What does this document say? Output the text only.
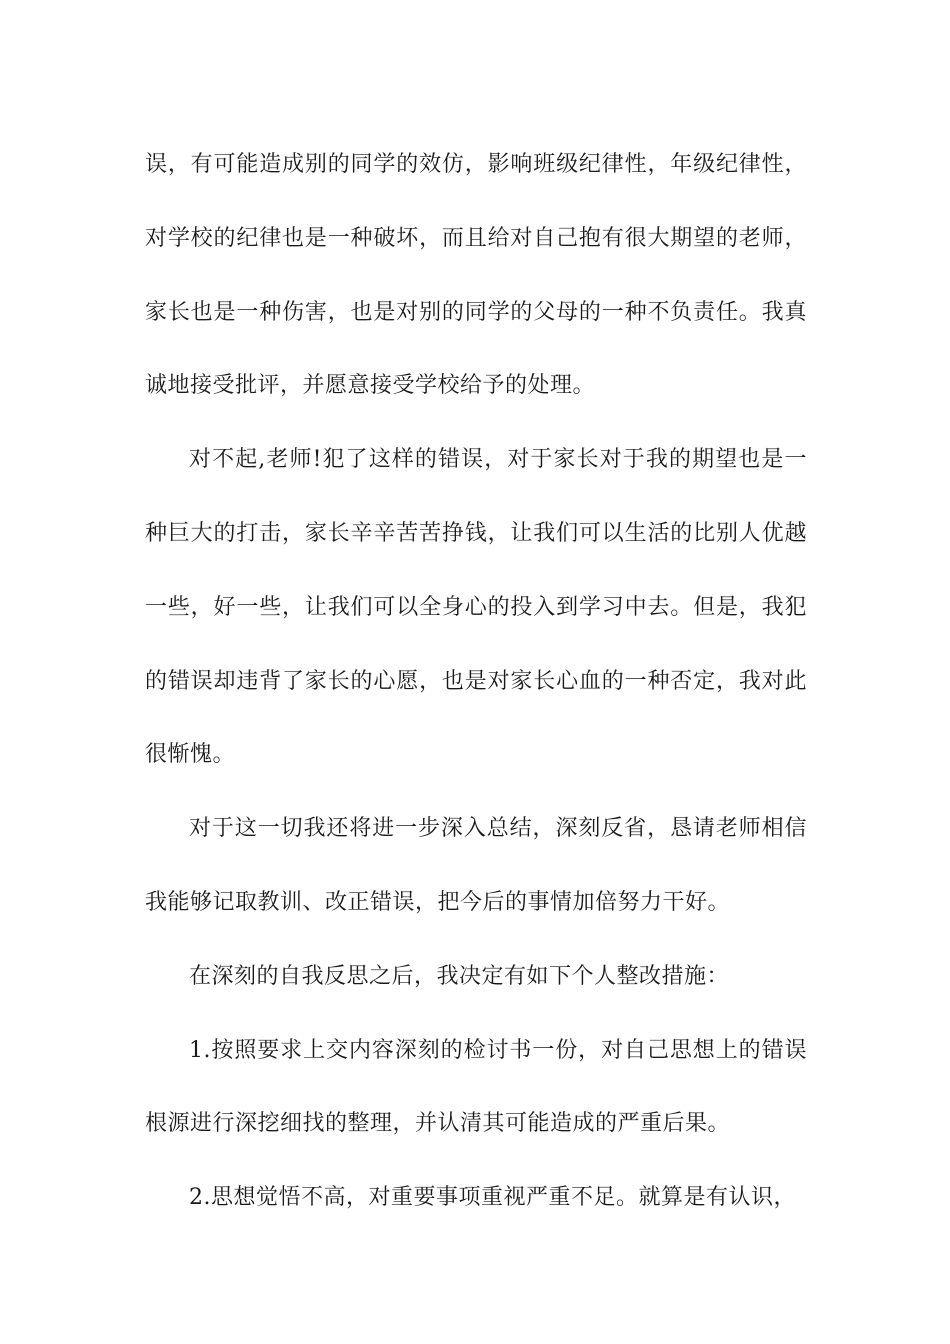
误，有可能造成别的同学的效仿，影响班级纪律性，年级纪律性，对学校的纪律也是一种破坏，而且给对自己抱有很大期望的老师，家长也是一种伤害，也是对别的同学的父母的一种不负责任。我真诚地接受批评，并愿意接受学校给予的处理。

对不起,老师!犯了这样的错误，对于家长对于我的期望也是一种巨大的打击，家长辛辛苦苦挣钱，让我们可以生活的比别人优越一些，好一些，让我们可以全身心的投入到学习中去。但是，我犯的错误却违背了家长的心愿，也是对家长心血的一种否定，我对此很惭愧。

对于这一切我还将进一步深入总结，深刻反省，恳请老师相信我能够记取教训、改正错误，把今后的事情加倍努力干好。

在深刻的自我反思之后，我决定有如下个人整改措施：

1.按照要求上交内容深刻的检讨书一份，对自己思想上的错误根源进行深挖细找的整理，并认清其可能造成的严重后果。

2.思想觉悟不高，对重要事项重视严重不足。就算是有认识，
